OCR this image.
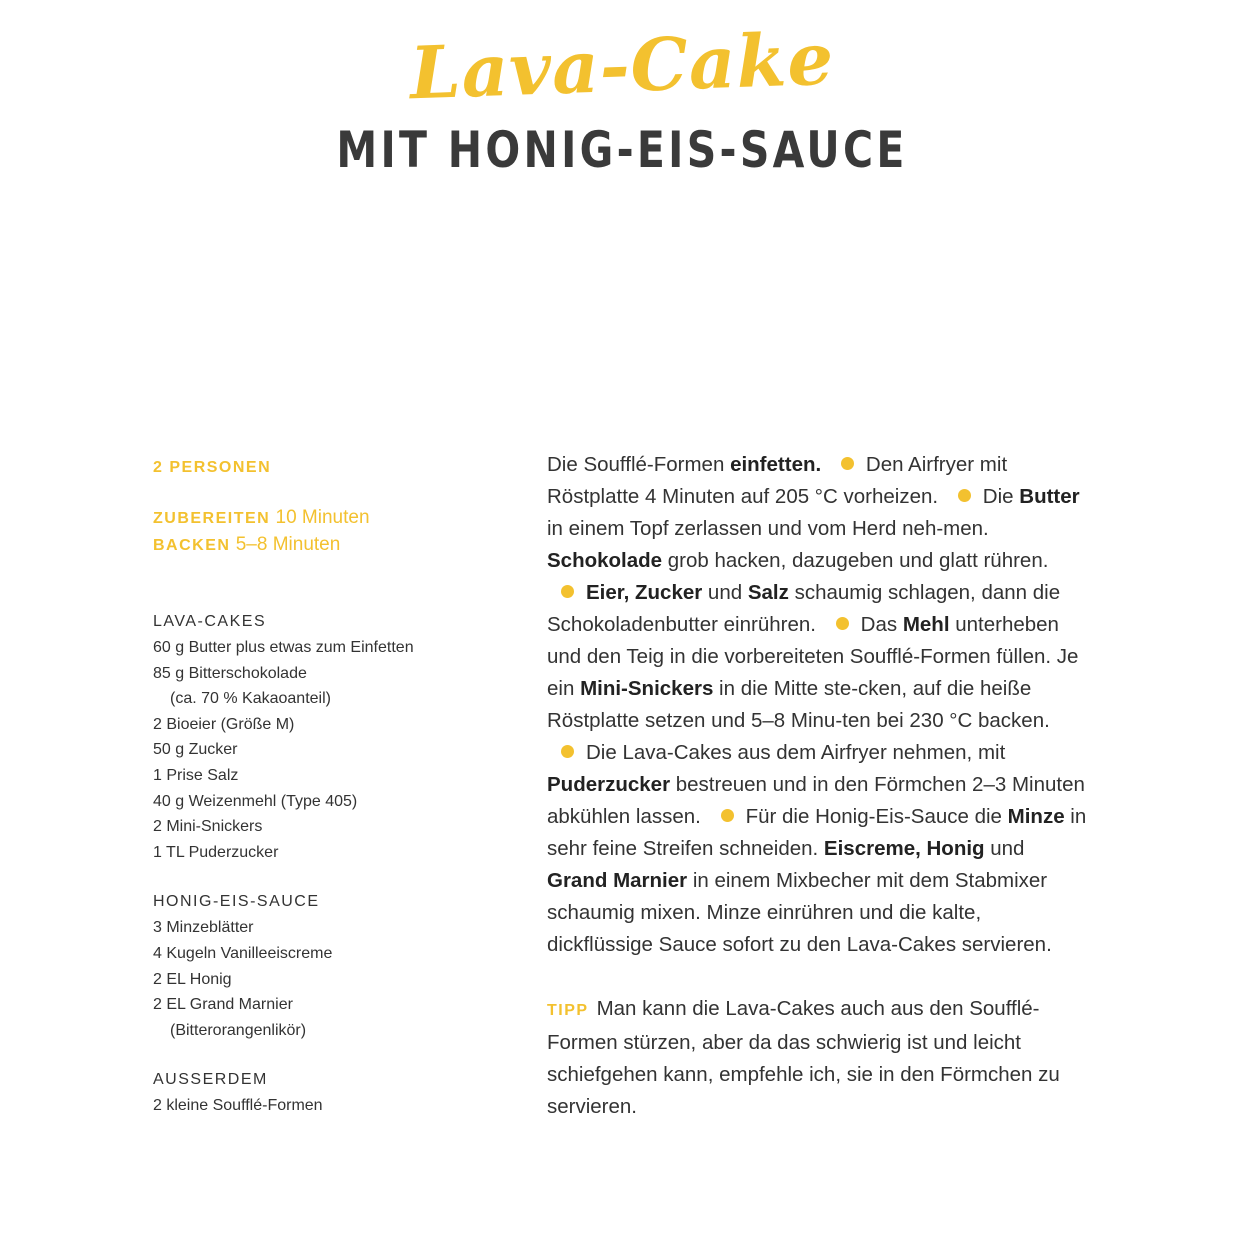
Lava-Cake
MIT HONIG-EIS-SAUCE
2 PERSONEN
ZUBEREITEN 10 Minuten
BACKEN 5–8 Minuten
LAVA-CAKES
60 g Butter plus etwas zum Einfetten
85 g Bitterschokolade
(ca. 70 % Kakaoanteil)
2 Bioeier (Größe M)
50 g Zucker
1 Prise Salz
40 g Weizenmehl (Type 405)
2 Mini-Snickers
1 TL Puderzucker
HONIG-EIS-SAUCE
3 Minzeblätter
4 Kugeln Vanilleeiscreme
2 EL Honig
2 EL Grand Marnier
(Bitterorangenlikör)
AUSSERDEM
2 kleine Soufflé-Formen
Die Soufflé-Formen einfetten. Den Airfryer mit Röstplatte 4 Minuten auf 205 °C vorheizen. Die Butter in einem Topf zerlassen und vom Herd neh-men. Schokolade grob hacken, dazugeben und glatt rühren. Eier, Zucker und Salz schaumig schlagen, dann die Schokoladenbutter einrühren. Das Mehl unterheben und den Teig in die vorbereiteten Soufflé-Formen füllen. Je ein Mini-Snickers in die Mitte ste-cken, auf die heiße Röstplatte setzen und 5–8 Minu-ten bei 230 °C backen. Die Lava-Cakes aus dem Airfryer nehmen, mit Puderzucker bestreuen und in den Förmchen 2–3 Minuten abkühlen lassen. Für die Honig-Eis-Sauce die Minze in sehr feine Streifen schneiden. Eiscreme, Honig und Grand Marnier in einem Mixbecher mit dem Stabmixer schaumig mixen. Minze einrühren und die kalte, dickflüssige Sauce sofort zu den Lava-Cakes servieren.
TIPP Man kann die Lava-Cakes auch aus den Soufflé-Formen stürzen, aber da das schwierig ist und leicht schiefgehen kann, empfehle ich, sie in den Förmchen zu servieren.
